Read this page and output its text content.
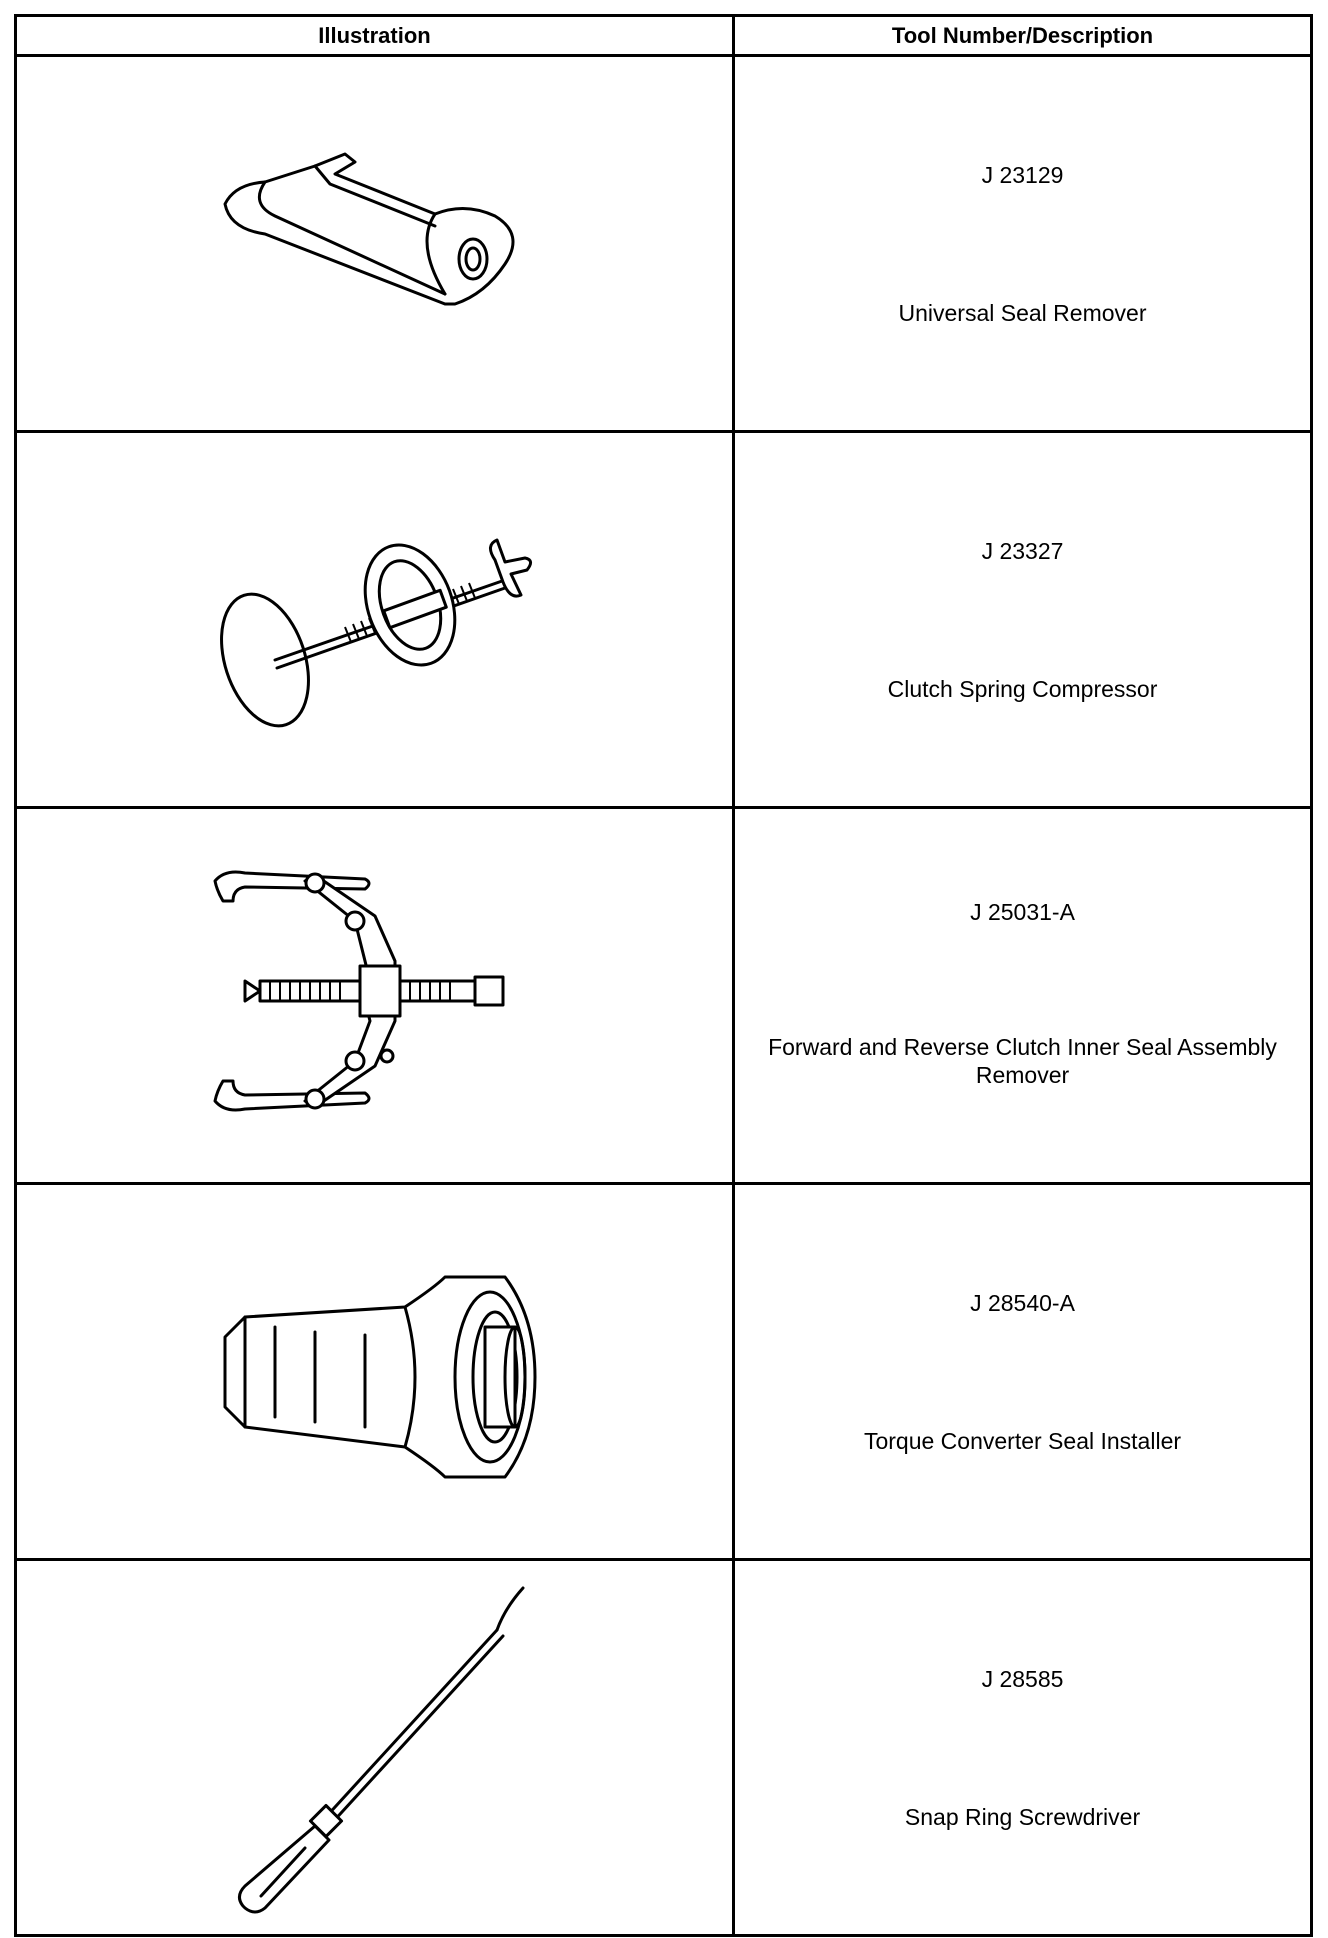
Illustration	Tool Number/Description

J 23129
Universal Seal Remover

J 23327
Clutch Spring Compressor

J 25031-A
Forward and Reverse Clutch Inner Seal Assembly Remover

J 28540-A
Torque Converter Seal Installer

J 28585
Snap Ring Screwdriver
